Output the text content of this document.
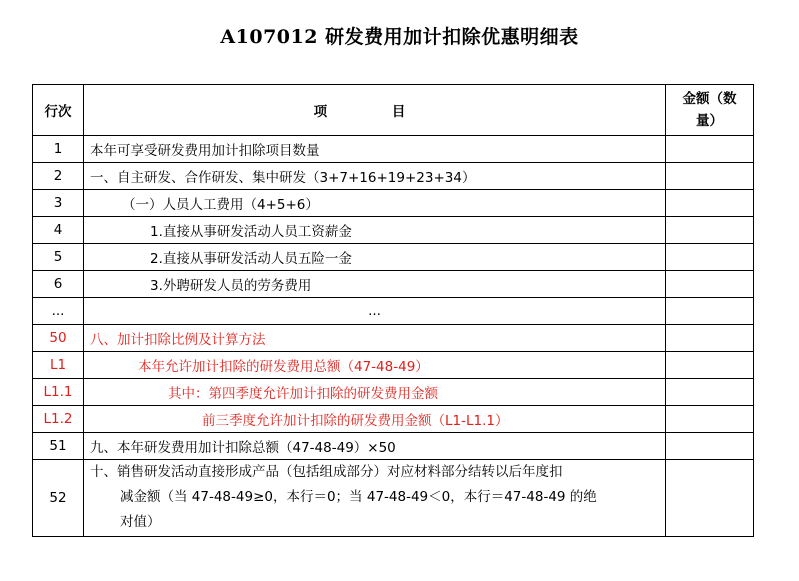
A107012 研发费用加计扣除优惠明细表
行次	项 目	金额（数
量）
1	本年可享受研发费用加计扣除项目数量	
2	一、自主研发、合作研发、集中研发（3+7+16+19+23+34）	
3	（一）人员人工费用（4+5+6）	
4	1.直接从事研发活动人员工资薪金	
5	2.直接从事研发活动人员五险一金	
6	3.外聘研发人员的劳务费用	
...	...	
50	八、加计扣除比例及计算方法	
L1	本年允许加计扣除的研发费用总额（47-48-49）	
L1.1	其中：第四季度允许加计扣除的研发费用金额	
L1.2	前三季度允许加计扣除的研发费用金额（L1-L1.1）	
51	九、本年研发费用加计扣除总额（47-48-49）×50	
52	十、销售研发活动直接形成产品（包括组成部分）对应材料部分结转以后年度扣
减金额（当 47-48-49≥0，本行＝0；当 47-48-49＜0，本行＝47-48-49 的绝
对值）	
